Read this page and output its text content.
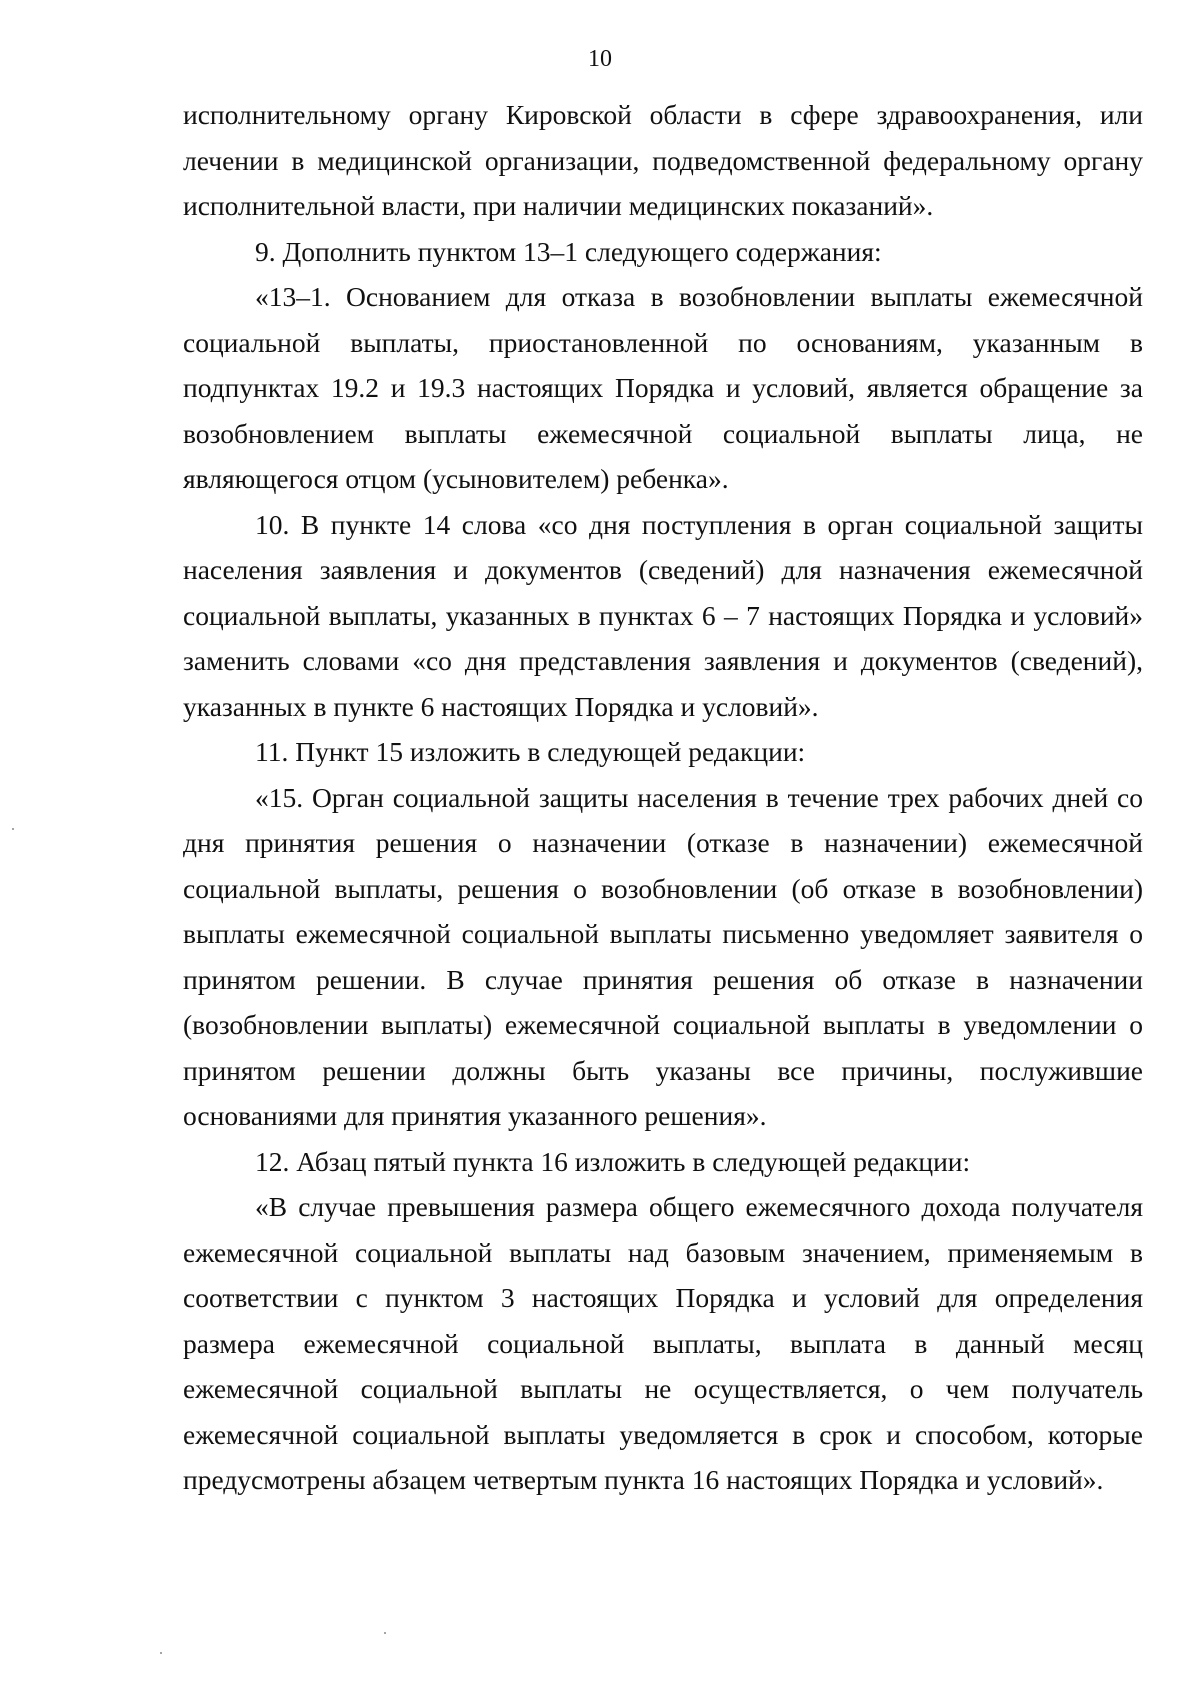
10

исполнительному органу Кировской области в сфере здравоохранения, или лечении в медицинской организации, подведомственной федеральному органу исполнительной власти, при наличии медицинских показаний».

9. Дополнить пунктом 13–1 следующего содержания:

«13–1. Основанием для отказа в возобновлении выплаты ежемесячной социальной выплаты, приостановленной по основаниям, указанным в подпунктах 19.2 и 19.3 настоящих Порядка и условий, является обращение за возобновлением выплаты ежемесячной социальной выплаты лица, не являющегося отцом (усыновителем) ребенка».

10. В пункте 14 слова «со дня поступления в орган социальной защиты населения заявления и документов (сведений) для назначения ежемесячной социальной выплаты, указанных в пунктах 6 – 7 настоящих Порядка и условий» заменить словами «со дня представления заявления и документов (сведений), указанных в пункте 6 настоящих Порядка и условий».

11. Пункт 15 изложить в следующей редакции:

«15. Орган социальной защиты населения в течение трех рабочих дней со дня принятия решения о назначении (отказе в назначении) ежемесячной социальной выплаты, решения о возобновлении (об отказе в возобновлении) выплаты ежемесячной социальной выплаты письменно уведомляет заявителя о принятом решении. В случае принятия решения об отказе в назначении (возобновлении выплаты) ежемесячной социальной выплаты в уведомлении о принятом решении должны быть указаны все причины, послужившие основаниями для принятия указанного решения».

12. Абзац пятый пункта 16 изложить в следующей редакции:

«В случае превышения размера общего ежемесячного дохода получателя ежемесячной социальной выплаты над базовым значением, применяемым в соответствии с пунктом 3 настоящих Порядка и условий для определения размера ежемесячной социальной выплаты, выплата в данный месяц ежемесячной социальной выплаты не осуществляется, о чем получатель ежемесячной социальной выплаты уведомляется в срок и способом, которые предусмотрены абзацем четвертым пункта 16 настоящих Порядка и условий».
